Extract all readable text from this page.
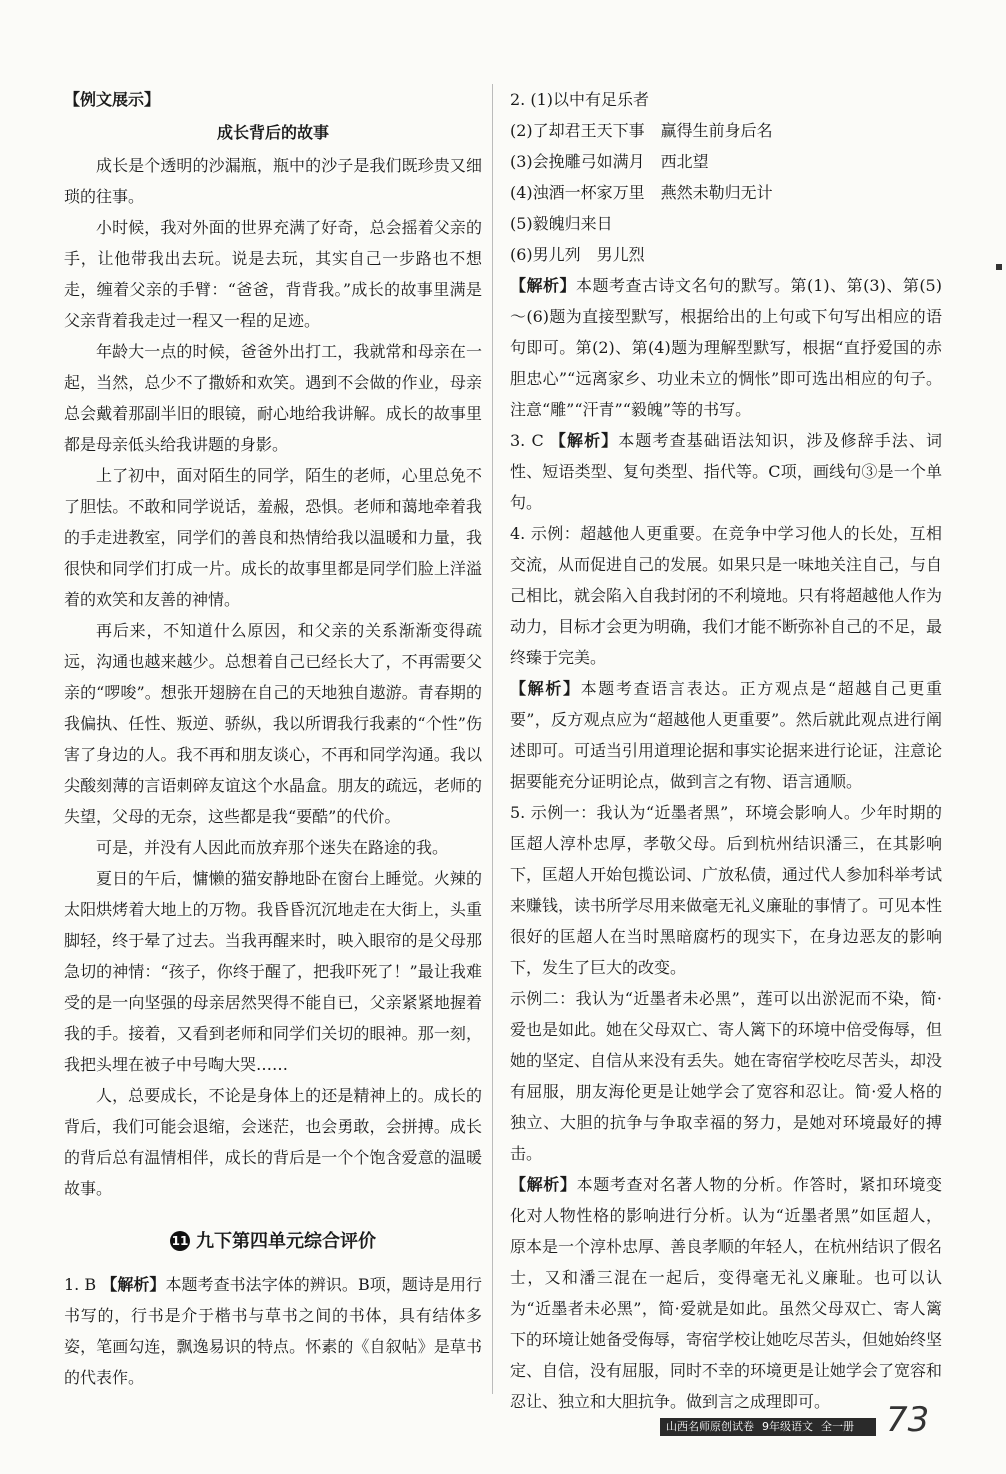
【例文展示】

成长背后的故事

成长是个透明的沙漏瓶，瓶中的沙子是我们既珍贵又细琐的往事。

小时候，我对外面的世界充满了好奇，总会摇着父亲的手，让他带我出去玩。说是去玩，其实自己一步路也不想走，缠着父亲的手臂：“爸爸，背背我。”成长的故事里满是父亲背着我走过一程又一程的足迹。

年龄大一点的时候，爸爸外出打工，我就常和母亲在一起，当然，总少不了撒娇和欢笑。遇到不会做的作业，母亲总会戴着那副半旧的眼镜，耐心地给我讲解。成长的故事里都是母亲低头给我讲题的身影。

上了初中，面对陌生的同学，陌生的老师，心里总免不了胆怯。不敢和同学说话，羞赧，恐惧。老师和蔼地牵着我的手走进教室，同学们的善良和热情给我以温暖和力量，我很快和同学们打成一片。成长的故事里都是同学们脸上洋溢着的欢笑和友善的神情。

再后来，不知道什么原因，和父亲的关系渐渐变得疏远，沟通也越来越少。总想着自己已经长大了，不再需要父亲的“啰唆”。想张开翅膀在自己的天地独自遨游。青春期的我偏执、任性、叛逆、骄纵，我以所谓我行我素的“个性”伤害了身边的人。我不再和朋友谈心，不再和同学沟通。我以尖酸刻薄的言语刺碎友谊这个水晶盒。朋友的疏远，老师的失望，父母的无奈，这些都是我“要酷”的代价。

可是，并没有人因此而放弃那个迷失在路途的我。

夏日的午后，慵懒的猫安静地卧在窗台上睡觉。火辣的太阳烘烤着大地上的万物。我昏昏沉沉地走在大街上，头重脚轻，终于晕了过去。当我再醒来时，映入眼帘的是父母那急切的神情：“孩子，你终于醒了，把我吓死了！”最让我难受的是一向坚强的母亲居然哭得不能自已，父亲紧紧地握着我的手。接着，又看到老师和同学们关切的眼神。那一刻，我把头埋在被子中号啕大哭……

人，总要成长，不论是身体上的还是精神上的。成长的背后，我们可能会退缩，会迷茫，也会勇敢，会拼搏。成长的背后总有温情相伴，成长的背后是一个个饱含爱意的温暖故事。

11 九下第四单元综合评价

1. B 【解析】本题考查书法字体的辨识。B项，题诗是用行书写的，行书是介于楷书与草书之间的书体，具有结体多姿，笔画勾连，飘逸易识的特点。怀素的《自叙帖》是草书的代表作。

2. (1)以中有足乐者

(2)了却君王天下事　赢得生前身后名

(3)会挽雕弓如满月　西北望

(4)浊酒一杯家万里　燕然未勒归无计

(5)毅魄归来日

(6)男儿列　男儿烈

【解析】本题考查古诗文名句的默写。第(1)、第(3)、第(5)～(6)题为直接型默写，根据给出的上句或下句写出相应的语句即可。第(2)、第(4)题为理解型默写，根据“直抒爱国的赤胆忠心”“远离家乡、功业未立的惆怅”即可选出相应的句子。注意“雕”“汗青”“毅魄”等的书写。

3. C 【解析】本题考查基础语法知识，涉及修辞手法、词性、短语类型、复句类型、指代等。C项，画线句③是一个单句。

4. 示例：超越他人更重要。在竞争中学习他人的长处，互相交流，从而促进自己的发展。如果只是一味地关注自己，与自己相比，就会陷入自我封闭的不利境地。只有将超越他人作为动力，目标才会更为明确，我们才能不断弥补自己的不足，最终臻于完美。

【解析】本题考查语言表达。正方观点是“超越自己更重要”，反方观点应为“超越他人更重要”。然后就此观点进行阐述即可。可适当引用道理论据和事实论据来进行论证，注意论据要能充分证明论点，做到言之有物、语言通顺。

5. 示例一：我认为“近墨者黑”，环境会影响人。少年时期的匡超人淳朴忠厚，孝敬父母。后到杭州结识潘三，在其影响下，匡超人开始包揽讼词、广放私债，通过代人参加科举考试来赚钱，读书所学尽用来做毫无礼义廉耻的事情了。可见本性很好的匡超人在当时黑暗腐朽的现实下，在身边恶友的影响下，发生了巨大的改变。

示例二：我认为“近墨者未必黑”，莲可以出淤泥而不染，简·爱也是如此。她在父母双亡、寄人篱下的环境中倍受侮辱，但她的坚定、自信从来没有丢失。她在寄宿学校吃尽苦头，却没有屈服，朋友海伦更是让她学会了宽容和忍让。简·爱人格的独立、大胆的抗争与争取幸福的努力，是她对环境最好的搏击。

【解析】本题考查对名著人物的分析。作答时，紧扣环境变化对人物性格的影响进行分析。认为“近墨者黑”如匡超人，原本是一个淳朴忠厚、善良孝顺的年轻人，在杭州结识了假名士，又和潘三混在一起后，变得毫无礼义廉耻。也可以认为“近墨者未必黑”，简·爱就是如此。虽然父母双亡、寄人篱下的环境让她备受侮辱，寄宿学校让她吃尽苦头，但她始终坚定、自信，没有屈服，同时不幸的环境更是让她学会了宽容和忍让、独立和大胆抗争。做到言之成理即可。

山西名师原创试卷 9年级语文 全一册 73
